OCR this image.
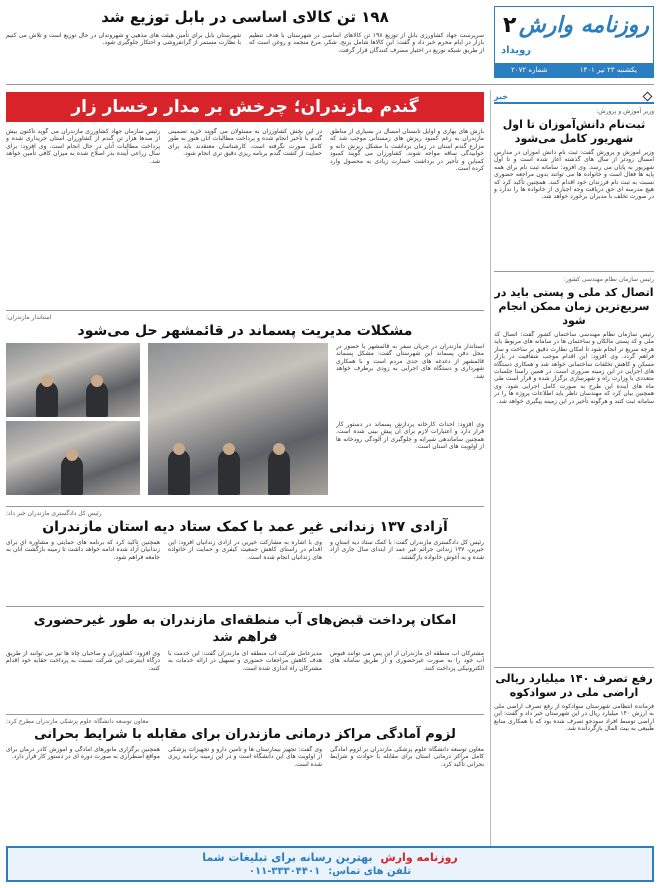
روزنامه وارش
۲
رویداد
یکشنبه ۲۳ تیر ۱۴۰۱
شماره ۲۰۷۲
۱۹۸ تن کالای اساسی در بابل توزیع شد

سرپرست جهاد کشاورزی بابل از توزیع ۱۹۸ تن کالاهای اساسی در شهرستان با هدف تنظیم بازار در ایام محرم خبر داد و گفت: این کالاها شامل برنج، شکر، مرغ منجمد و روغن است که از طریق شبکه توزیع در اختیار مصرف کنندگان قرار گرفت.

شهرستان بابل برای تأمین هیئت های مذهبی و شهروندان در حال توزیع است و تلاش می کنیم با نظارت مستمر از گرانفروشی و احتکار جلوگیری شود.

خبر
وزیر آموزش و پرورش:
ثبت‌نام دانش‌آموزان تا اول شهریور کامل می‌شود

وزیر آموزش و پرورش گفت: ثبت نام دانش آموزان در مدارس امسال زودتر از سال های گذشته آغاز شده است و تا اول شهریور به پایان می رسد. وی افزود: سامانه ثبت نام برای همه پایه ها فعال است و خانواده ها می توانند بدون مراجعه حضوری نسبت به ثبت نام فرزندان خود اقدام کنند. همچنین تأکید کرد که هیچ مدرسه ای حق دریافت وجه اجباری از خانواده ها را ندارد و در صورت تخلف با مدیران برخورد خواهد شد.

رئیس سازمان نظام مهندسی کشور:
اتصال کد ملی و پستی باید در سریع‌ترین زمان ممکن انجام شود

رئیس سازمان نظام مهندسی ساختمان کشور گفت: اتصال کد ملی و کد پستی مالکان و ساختمان ها در سامانه های مربوط باید هرچه سریع تر انجام شود تا امکان نظارت دقیق بر ساخت و ساز فراهم گردد. وی افزود: این اقدام موجب شفافیت در بازار مسکن و کاهش تخلفات ساختمانی خواهد شد و همکاری دستگاه های اجرایی در این زمینه ضروری است. در همین راستا جلسات متعددی با وزارت راه و شهرسازی برگزار شده و قرار است طی ماه های آینده این طرح به صورت کامل اجرایی شود. وی همچنین بیان کرد که مهندسان ناظر باید اطلاعات پروژه ها را در سامانه ثبت کنند و هرگونه تأخیر در این زمینه پیگیری خواهد شد.

رفع تصرف ۱۴۰ میلیارد ریالی اراضی ملی در سوادکوه

فرمانده انتظامی شهرستان سوادکوه از رفع تصرف اراضی ملی به ارزش ۱۴۰ میلیارد ریال در این شهرستان خبر داد و گفت: این اراضی توسط افراد سودجو تصرف شده بود که با همکاری منابع طبیعی به بیت المال بازگردانده شد.

گندم مازندران؛ چرخش بر مدار رخسار زار

بارش های بهاری و اوایل تابستان امسال در بسیاری از مناطق مازندران به رغم کمبود ریزش های زمستانی موجب شد که مزارع گندم استان در زمان برداشت با مشکل ریزش دانه و خوابیدگی ساقه مواجه شوند. کشاورزان می گویند کمبود کمباین و تأخیر در برداشت خسارت زیادی به محصول وارد کرده است.

در این بخش کشاورزان به مسئولان می گویند خرید تضمینی گندم با تأخیر انجام شده و پرداخت مطالبات آنان هنوز به طور کامل صورت نگرفته است. کارشناسان معتقدند باید برای حمایت از کشت گندم برنامه ریزی دقیق تری انجام شود.

رئیس سازمان جهاد کشاورزی مازندران می گوید تاکنون بیش از صدها هزار تن گندم از کشاورزان استان خریداری شده و پرداخت مطالبات آنان در حال انجام است. وی افزود: برای سال زراعی آینده بذر اصلاح شده به میزان کافی تأمین خواهد شد.

استاندار مازندران:
مشکلات مدیریت پسماند در قائمشهر حل می‌شود

استاندار مازندران در جریان سفر به قائمشهر با حضور در محل دفن پسماند این شهرستان گفت: مشکل پسماند قائمشهر از دغدغه های جدی مردم است و با همکاری شهرداری و دستگاه های اجرایی به زودی برطرف خواهد شد.

وی افزود: احداث کارخانه پردازش پسماند در دستور کار قرار دارد و اعتبارات لازم برای آن پیش بینی شده است. همچنین ساماندهی شیرابه و جلوگیری از آلودگی رودخانه ها از اولویت های استان است.

رئیس کل دادگستری مازندران خبر داد:
آزادی ۱۳۷ زندانی غیر عمد با کمک ستاد دیه استان مازندران

رئیس کل دادگستری مازندران گفت: با کمک ستاد دیه استان و خیرین، ۱۳۷ زندانی جرائم غیر عمد از ابتدای سال جاری آزاد شده و به آغوش خانواده بازگشتند.

وی با اشاره به مشارکت خیرین در آزادی زندانیان افزود: این اقدام در راستای کاهش جمعیت کیفری و حمایت از خانواده های زندانیان انجام شده است.

همچنین تأکید کرد که برنامه های حمایتی و مشاوره ای برای زندانیان آزاد شده ادامه خواهد داشت تا زمینه بازگشت آنان به جامعه فراهم شود.

امکان پرداخت قبض‌های آب منطقه‌ای مازندران به طور غیرحضوری فراهم شد

مشترکان آب منطقه ای مازندران از این پس می توانند قبوض آب خود را به صورت غیرحضوری و از طریق سامانه های الکترونیکی پرداخت کنند.

مدیرعامل شرکت آب منطقه ای مازندران گفت: این خدمت با هدف کاهش مراجعات حضوری و تسهیل در ارائه خدمات به مشترکان راه اندازی شده است.

وی افزود: کشاورزان و صاحبان چاه ها نیز می توانند از طریق درگاه اینترنتی این شرکت نسبت به پرداخت حقابه خود اقدام کنند.

معاون توسعه دانشگاه علوم پزشکی مازندران مطرح کرد:
لزوم آمادگی مراکز درمانی مازندران برای مقابله با شرایط بحرانی

معاون توسعه دانشگاه علوم پزشکی مازندران بر لزوم آمادگی کامل مراکز درمانی استان برای مقابله با حوادث و شرایط بحرانی تأکید کرد.

وی گفت: تجهیز بیمارستان ها و تأمین دارو و تجهیزات پزشکی از اولویت های این دانشگاه است و در این زمینه برنامه ریزی شده است.

همچنین برگزاری مانورهای آمادگی و آموزش کادر درمان برای مواقع اضطراری به صورت دوره ای در دستور کار قرار دارد.

روزنامه وارش
بهترین رسانه برای تبلیغات شما
تلفن های تماس:
۰۱۱-۳۳۳۰۴۴۰۱
